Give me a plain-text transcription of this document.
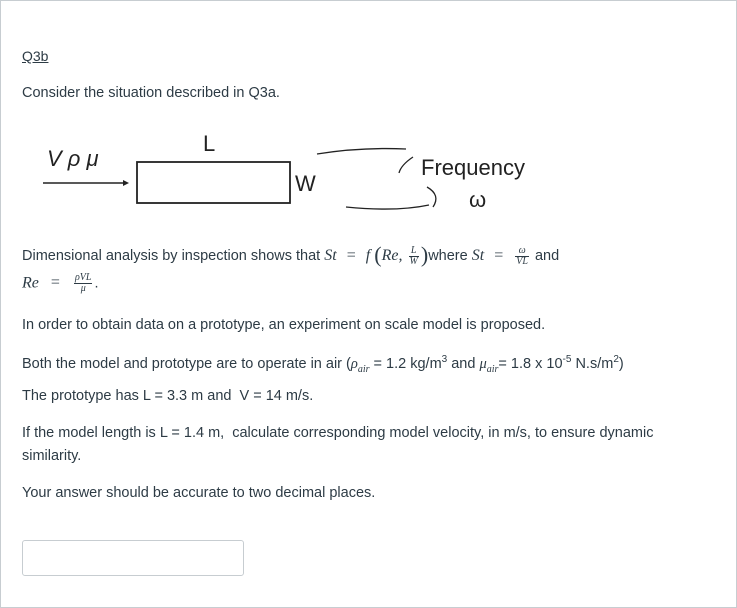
Q3b
Consider the situation described in Q3a.
V ρ μ
L
W
Frequency
ω
Dimensional analysis by inspection shows that St = f (Re, $\frac{L}{W}$ )where $St = \frac{\omega}{VL}$ and
$Re = \frac{\text{ρVL}}{\mu}$ .
In order to obtain data on a prototype, an experiment on scale model is proposed.
Both the model and prototype are to operate in air ($\rho_{air} = 1.2$ $kg/m^3$ and $\mu_{air}= 1.8$ x $10^{-5}$ $N.s/m^2$)
The prototype has L = 3.3 m and  V = 14 m/s.
If the model length is L = 1.4 m,  calculate corresponding model velocity, in m/s, to ensure dynamic
similarity.
Your answer should be accurate to two decimal places.
